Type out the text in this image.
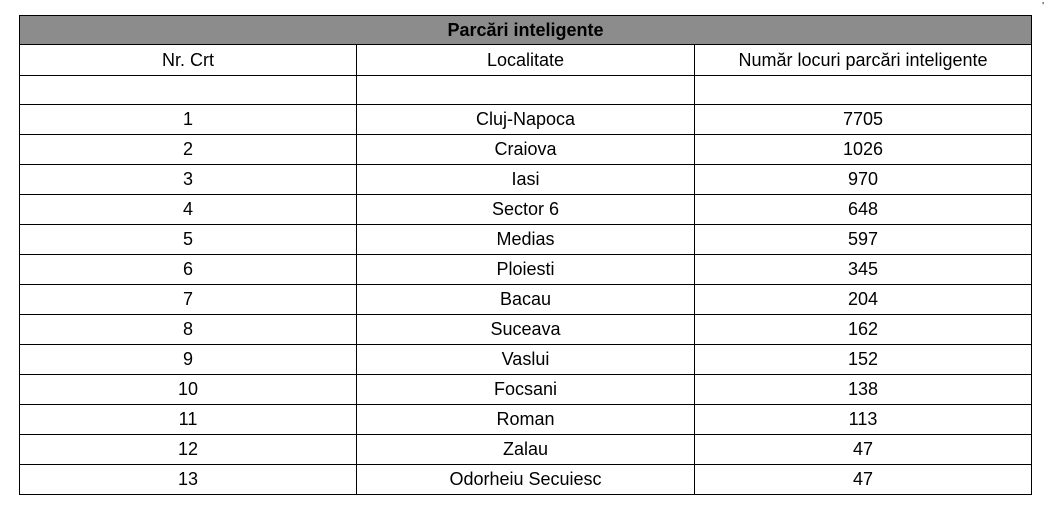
'
Parcări inteligente		
Nr. Crt	Localitate	Număr locuri parcări inteligente

1	Cluj-Napoca	7705
2	Craiova	1026
3	Iasi	970
4	Sector 6	648
5	Medias	597
6	Ploiesti	345
7	Bacau	204
8	Suceava	162
9	Vaslui	152
10	Focsani	138
11	Roman	113
12	Zalau	47
13	Odorheiu Secuiesc	47
